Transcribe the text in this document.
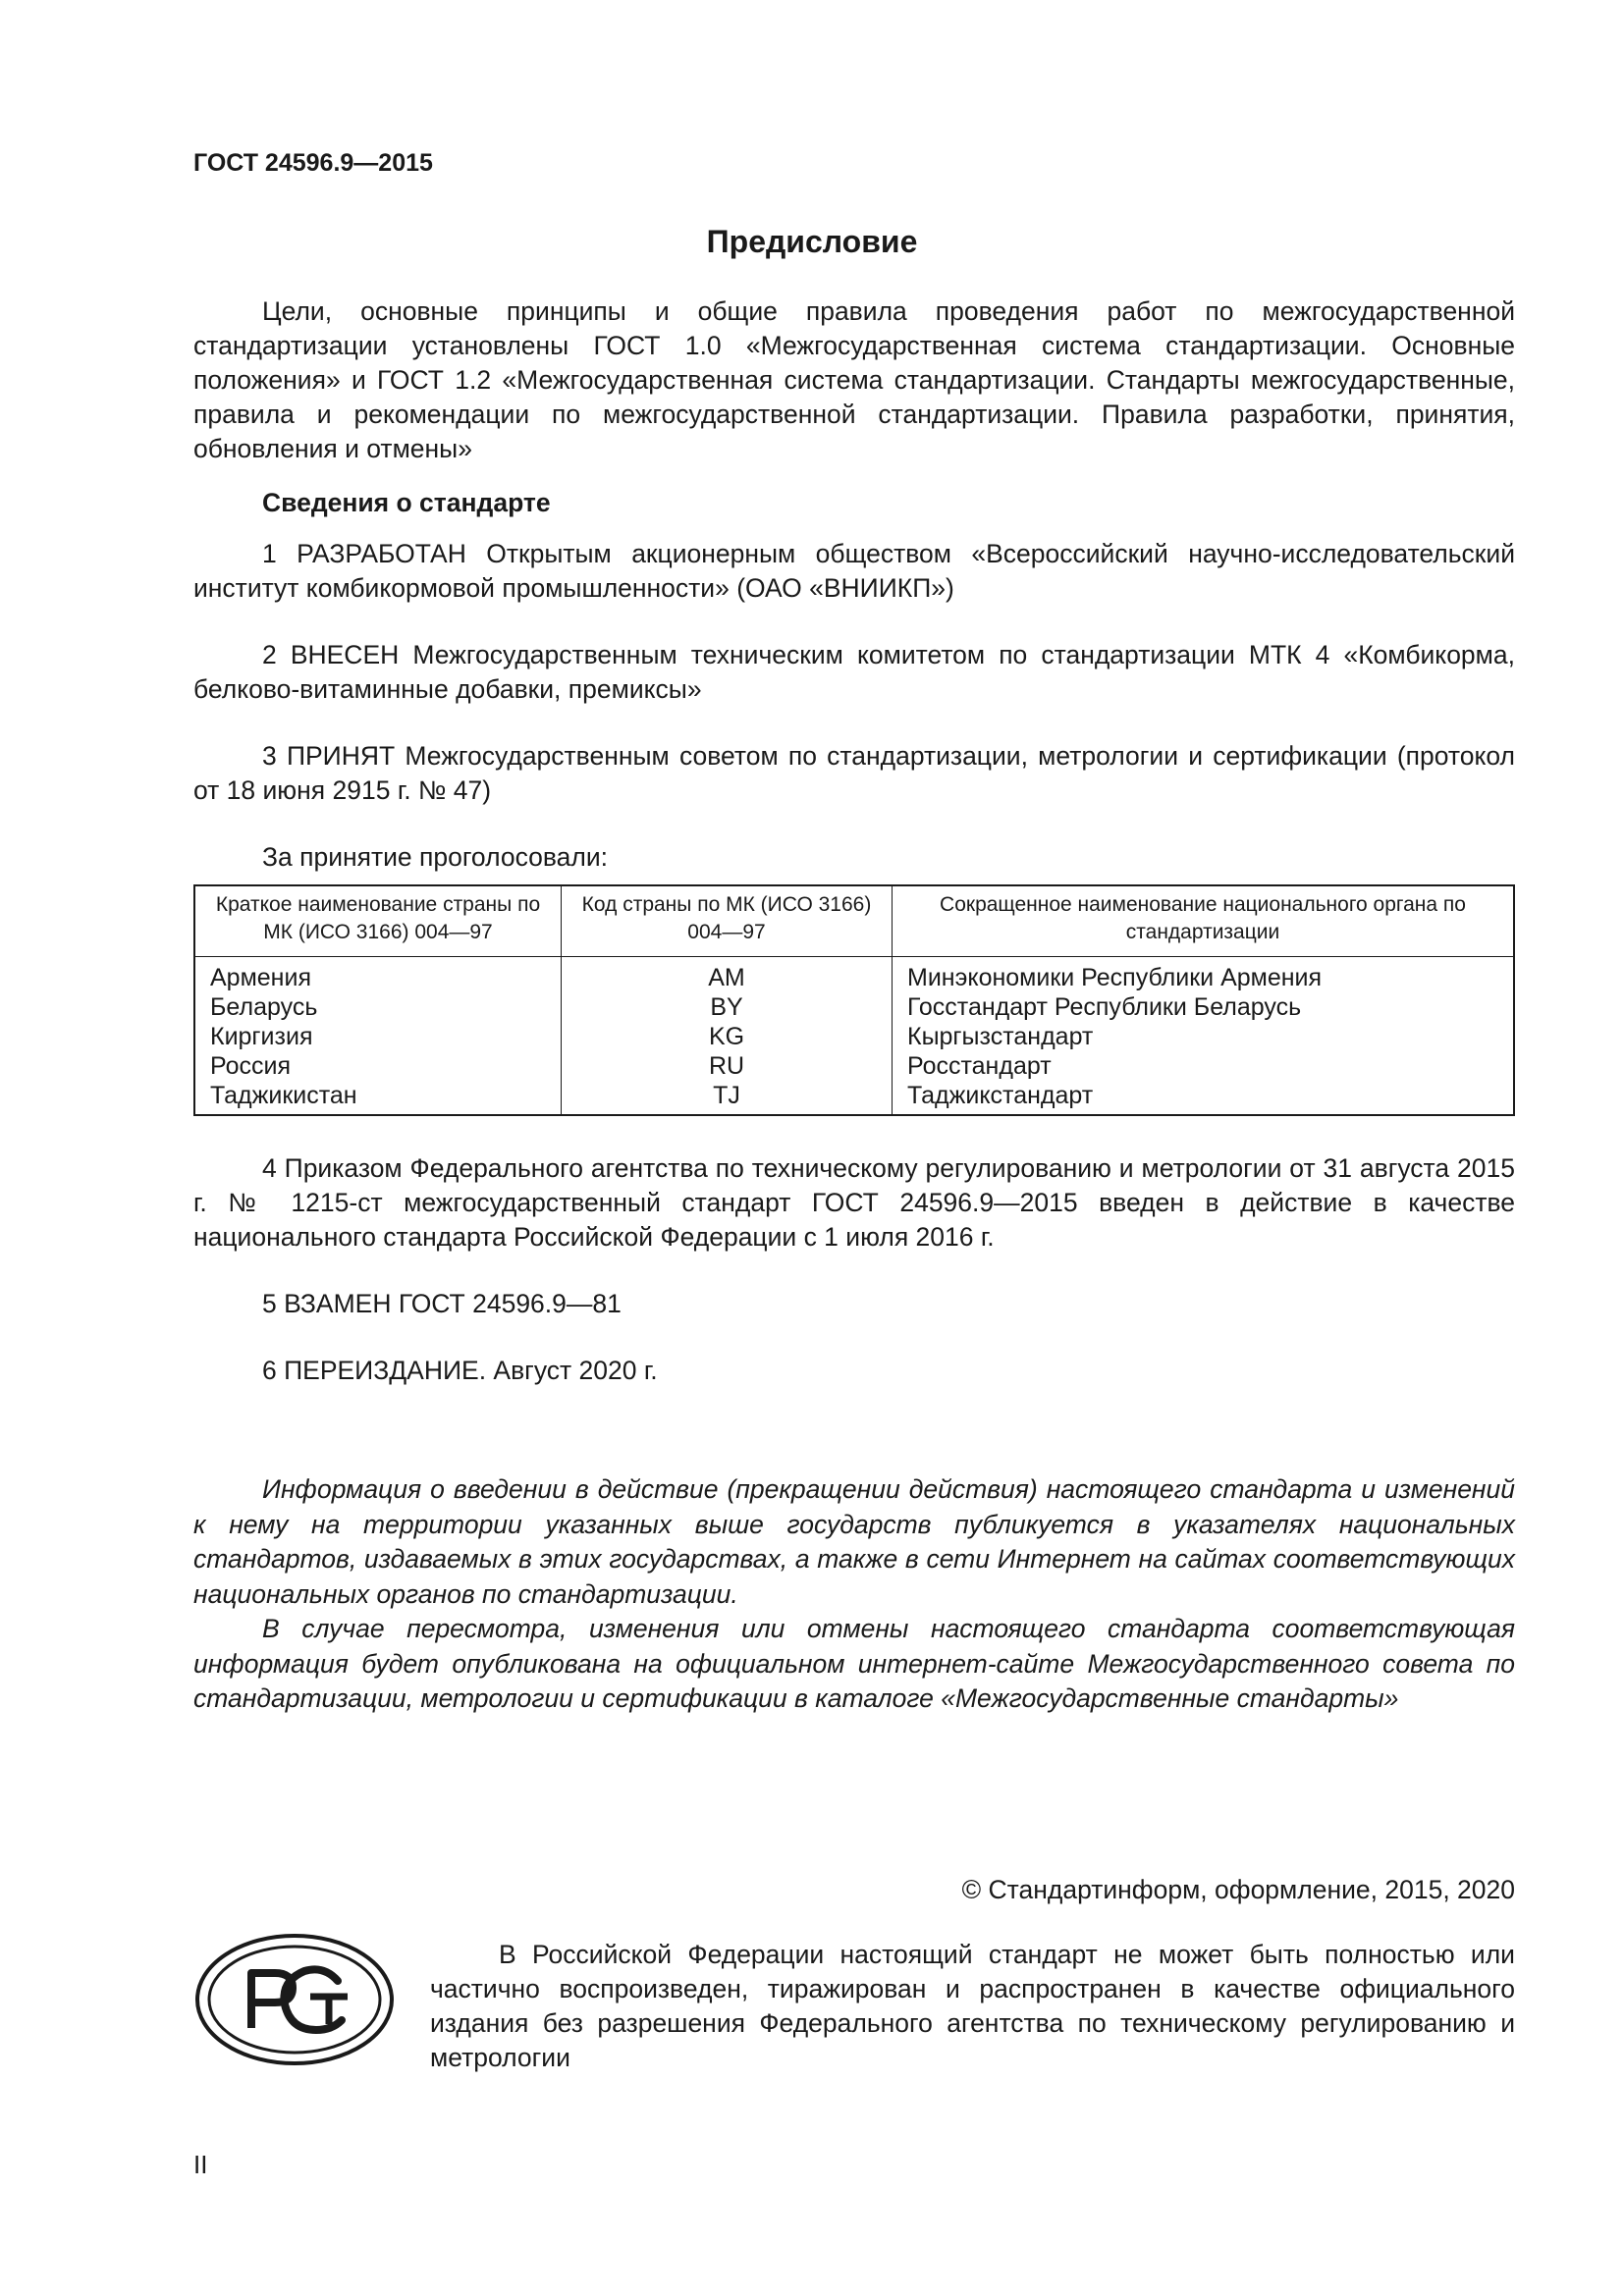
ГОСТ 24596.9—2015
Предисловие

Цели, основные принципы и общие правила проведения работ по межгосударственной стандартизации установлены ГОСТ 1.0 «Межгосударственная система стандартизации. Основные положения» и ГОСТ 1.2 «Межгосударственная система стандартизации. Стандарты межгосударственные, правила и рекомендации по межгосударственной стандартизации. Правила разработки, принятия, обновления и отмены»

Сведения о стандарте

1 РАЗРАБОТАН Открытым акционерным обществом «Всероссийский научно-исследовательский институт комбикормовой промышленности» (ОАО «ВНИИКП»)

2 ВНЕСЕН Межгосударственным техническим комитетом по стандартизации МТК 4 «Комбикорма, белково-витаминные добавки, премиксы»

3 ПРИНЯТ Межгосударственным советом по стандартизации, метрологии и сертификации (протокол от 18 июня 2915 г. № 47)

За принятие проголосовали:

Краткое наименование страны по МК (ИСО 3166) 004—97	Код страны по МК (ИСО 3166) 004—97	Сокращенное наименование национального органа по стандартизации
Армения	AM	Минэкономики Республики Армения
Беларусь	BY	Госстандарт Республики Беларусь
Киргизия	KG	Кыргызстандарт
Россия	RU	Росстандарт
Таджикистан	TJ	Таджикстандарт

4 Приказом Федерального агентства по техническому регулированию и метрологии от 31 августа 2015 г. № 1215-ст межгосударственный стандарт ГОСТ 24596.9—2015 введен в действие в качестве национального стандарта Российской Федерации с 1 июля 2016 г.

5 ВЗАМЕН ГОСТ 24596.9—81

6 ПЕРЕИЗДАНИЕ. Август 2020 г.

Информация о введении в действие (прекращении действия) настоящего стандарта и изменений к нему на территории указанных выше государств публикуется в указателях национальных стандартов, издаваемых в этих государствах, а также в сети Интернет на сайтах соответствующих национальных органов по стандартизации.

В случае пересмотра, изменения или отмены настоящего стандарта соответствующая информация будет опубликована на официальном интернет-сайте Межгосударственного совета по стандартизации, метрологии и сертификации в каталоге «Межгосударственные стандарты»

© Стандартинформ, оформление, 2015, 2020
В Российской Федерации настоящий стандарт не может быть полностью или частично воспроизведен, тиражирован и распространен в качестве официального издания без разрешения Федерального агентства по техническому регулированию и метрологии
II
